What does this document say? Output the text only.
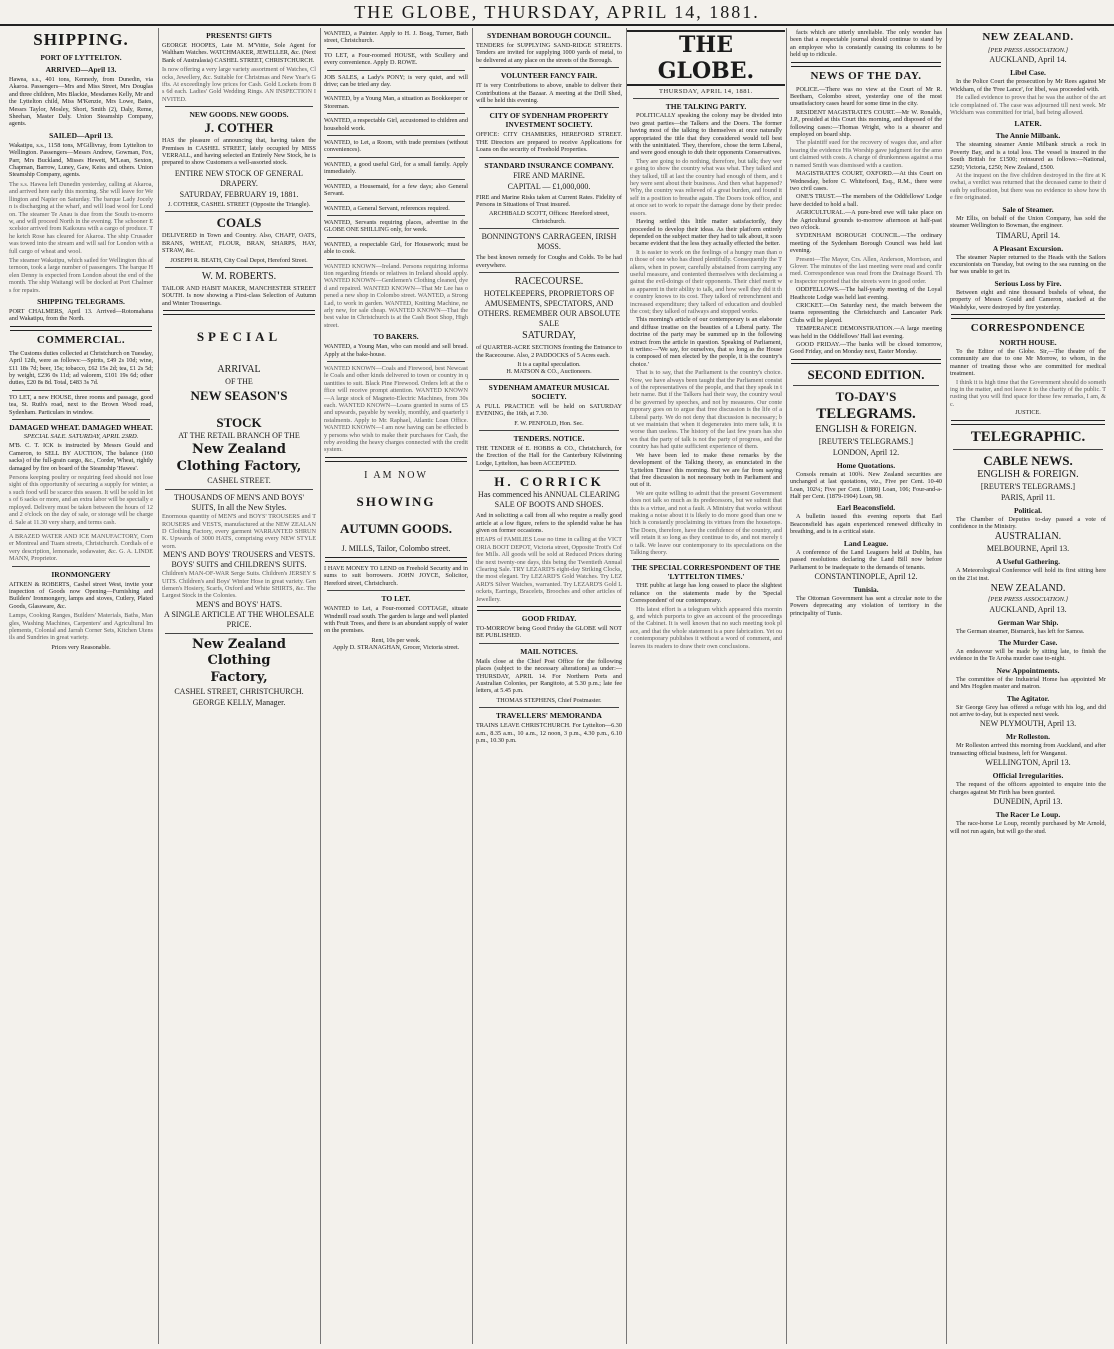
THE GLOBE, THURSDAY, APRIL 14, 1881.
SHIPPING.
PORT OF LYTTELTON.
ARRIVED—April 13.
Hawea, s.s., 401 tons, Kennedy, from Dunedin, via Akaroa. Passengers—Mrs and Miss Street, Mrs Douglas and three children, Mrs Blackie, Mesdames Kelly, Mr and the Lyttelton child, Miss M'Kenzie, Mrs Lowe, Bates, Messrs Taylor, Mosley, Short, Smith (2), Daly, Reme, Sheehan, Master Daly. Union Steamship Company, agents.
SAILED—April 13.
Wakatipu, s.s., 1158 tons, M'Gillivray, from Lyttelton to Wellington. Passengers—Messrs Andrew, Gowman, Fox, Parr, Mrs Buckland, Misses Hewett, M'Lean, Sexton, Chapman, Barrow, Luney, Gaw, Keiss and others. Union Steamship Company, agents.
The s.s. Hawea left Dunedin yesterday, calling at Akaroa, and arrived here early this morning. She will leave for Wellington and Napier on Saturday. The barque Lady Jocelyn is discharging at the wharf, and will load wool for London. The steamer Te Anau is due from the South to-morrow, and will proceed North in the evening. The schooner Excelsior arrived from Kaikoura with a cargo of produce. The ketch Rose has cleared for Akaroa. The ship Crusader was towed into the stream and will sail for London with a full cargo of wheat and wool.
The steamer Wakatipu, which sailed for Wellington this afternoon, took a large number of passengers. The barque Helen Denny is expected from London about the end of the month. The ship Waitangi will be docked at Port Chalmers for repairs.
SHIPPING TELEGRAMS.
PORT CHALMERS, April 13. Arrived—Rotomahana and Wakatipu, from the North.
COMMERCIAL.
The Customs duties collected at Christchurch on Tuesday, April 12th, were as follows:—Spirits, £49 2s 10d; wine, £11 18s 7d; beer, 15s; tobacco, £62 15s 2d; tea, £1 2s 5d; by weight, £236 0s 11d; ad valorem, £101 19s 6d; other duties, £20 8s 8d. Total, £483 3s 7d.
TO LET, a new HOUSE, three rooms and passage, good tea, St. Ruth's road, next to the Brown Wood road, Sydenham. Particulars in window.
DAMAGED WHEAT. DAMAGED WHEAT.
SPECIAL SALE. SATURDAY, APRIL 23RD.
M'B. C. T. ICK is instructed by Messrs Gould and Cameron, to SELL BY AUCTION, The balance (160 sacks) of the full-grain cargo, &c., Corder, Wheat, rightly damaged by fire on board of the Steamship 'Hawea'.
Persons keeping poultry or requiring feed should not lose sight of this opportunity of securing a supply for winter, as such food will be scarce this season. It will be sold in lots of 6 sacks or more, and an extra labor will be specially employed. Delivery must be taken between the hours of 12 and 2 o'clock on the day of sale, or storage will be charged. Sale at 11.30 very sharp, and terms cash.
A BRAZED WATER AND ICE MANUFACTORY, Corner Montreal and Tuam streets, Christchurch. Cordials of every description, lemonade, sodawater, &c. G. A. LINDEMANN, Proprietor.
IRONMONGERY
AITKEN & ROBERTS, Cashel street West, invite your inspection of Goods now Opening—Furnishing and Builders' Ironmongery, lamps and stoves, Cutlery, Plated Goods, Glassware, &c.
Lamps, Cooking Ranges, Builders' Materials, Baths, Mangles, Washing Machines, Carpenters' and Agricultural Implements, Colonial and Jarrah Corner Sets, Kitchen Utensils and Sundries in great variety.
Prices very Reasonable.
PRESENTS! GIFTS
GEORGE HOOPES, Late M. M'Vittie, Sole Agent for Waltham Watches. WATCHMAKER, JEWELLER, &c. (Next Bank of Australasia) CASHEL STREET, CHRISTCHURCH.
Is now offering a very large variety assortment of Watches, Clocks, Jewellery, &c. Suitable for Christmas and New Year's Gifts. At exceedingly low prices for Cash. Gold Lockets from 8s 6d each. Ladies' Gold Wedding Rings. AN INSPECTION INVITED.
NEW GOODS. NEW GOODS.
J. COTHER
HAS the pleasure of announcing that, having taken the Premises in CASHEL STREET, lately occupied by MISS VERRALL, and having selected an Entirely New Stock, he is prepared to show Customers a well-assorted stock.
ENTIRE NEW STOCK OF GENERAL DRAPERY.
SATURDAY, FEBRUARY 19, 1881.
J. COTHER, CASHEL STREET (Opposite the Triangle).
COALS
DELIVERED in Town and Country. Also, CHAFF, OATS, BRANS, WHEAT, FLOUR, BRAN, SHARPS, HAY, STRAW, &c.
JOSEPH R. BEATH, City Coal Depot, Hereford Street.
W. M. ROBERTS.
TAILOR AND HABIT MAKER, MANCHESTER STREET SOUTH. Is now showing a First-class Selection of Autumn and Winter Trouserings.
SPECIAL
ARRIVAL
OF THE
NEW SEASON'S
STOCK
AT THE RETAIL BRANCH OF THE
New Zealand
Clothing Factory,
CASHEL STREET.
THOUSANDS OF MEN'S AND BOYS' SUITS, In all the New Styles.
Enormous quantity of MEN'S and BOYS' TROUSERS and TROUSERS and VESTS, manufactured at the NEW ZEALAND Clothing Factory, every garment WARRANTED SHRUNK. Upwards of 3000 HATS, comprising every NEW STYLE worn.
MEN'S AND BOYS' TROUSERS and VESTS.
BOYS' SUITS and CHILDREN'S SUITS.
Children's MAN-OF-WAR Serge Suits. Children's JERSEY SUITS. Children's and Boys' Winter Hose in great variety. Gentlemen's Hosiery, Scarfs, Oxford and White SHIRTS, &c. The Largest Stock in the Colonies.
MEN'S and BOYS' HATS.
A SINGLE ARTICLE AT THE WHOLESALE PRICE.
New Zealand Clothing
Factory,
CASHEL STREET, CHRISTCHURCH.
GEORGE KELLY, Manager.
WANTED, a Painter. Apply to H. J. Boag, Turner, Bath street, Christchurch.
TO LET, a Four-roomed HOUSE, with Scullery and every convenience. Apply D. ROWE.
JOB SALES, a Lady's PONY; is very quiet, and will drive; can be tried any day.
WANTED, by a Young Man, a situation as Bookkeeper or Storeman.
WANTED, a respectable Girl, accustomed to children and household work.
WANTED, to Let, a Room, with trade premises (without conveniences).
WANTED, a good useful Girl, for a small family. Apply immediately.
WANTED, a Housemaid, for a few days; also General Servant.
WANTED, a General Servant, references required.
WANTED, Servants requiring places, advertise in the GLOBE ONE SHILLING only, for week.
WANTED, a respectable Girl, for Housework; must be able to cook.
WANTED KNOWN—Ireland. Persons requiring information regarding friends or relatives in Ireland should apply. WANTED KNOWN—Gentlemen's Clothing cleaned, dyed and repaired. WANTED KNOWN—That Mr Lee has opened a new shop in Colombo street. WANTED, a Strong Lad, to work in garden. WANTED, Knitting Machine, nearly new, for sale cheap. WANTED KNOWN—That the best value in Christchurch is at the Cash Boot Shop, High street.
TO BAKERS.
WANTED, a Young Man, who can mould and sell bread. Apply at the bake-house.
WANTED KNOWN—Coals and Firewood, best Newcastle Coals and other kinds delivered to town or country in quantities to suit. Black Pine Firewood. Orders left at the office will receive prompt attention. WANTED KNOWN—A large stock of Magneto-Electric Machines, from 30s each. WANTED KNOWN—Loans granted in sums of £5 and upwards, payable by weekly, monthly, and quarterly instalments. Apply to Mr. Raphael, Atlantic Loan Office. WANTED KNOWN—I am now having can be effected by persons who wish to make their purchases for Cash, thereby avoiding the heavy charges connected with the credit system.
I AM NOW
SHOWING
AUTUMN GOODS.
J. MILLS, Tailor, Colombo street.
I HAVE MONEY TO LEND on Freehold Security and in sums to suit borrowers. JOHN JOYCE, Solicitor, Hereford street, Christchurch.
TO LET.
WANTED to Let, a Four-roomed COTTAGE, situate Windmill road south. The garden is large and well planted with Fruit Trees, and there is an abundant supply of water on the premises.
Rent, 10s per week.
Apply D. STRANAGHAN, Grocer, Victoria street.
SYDENHAM BOROUGH COUNCIL.
TENDERS for SUPPLYING SAND-RIDGE STREETS. Tenders are invited for supplying 1000 yards of metal, to be delivered at any place on the streets of the Borough.
VOLUNTEER FANCY FAIR.
IT is very Contributions to above, unable to deliver their Contributions at the Bazaar. A meeting at the Drill Shed, will be held this evening.
CITY OF SYDENHAM PROPERTY INVESTMENT SOCIETY.
OFFICE: CITY CHAMBERS, HEREFORD STREET. THE Directors are prepared to receive Applications for Loans on the security of Freehold Properties.
STANDARD INSURANCE COMPANY.
FIRE AND MARINE.
CAPITAL — £1,000,000.
FIRE and Marine Risks taken at Current Rates. Fidelity of Persons in Situations of Trust insured.
ARCHIBALD SCOTT, Offices: Hereford street, Christchurch.
BONNINGTON'S CARRAGEEN, IRISH MOSS.
The best known remedy for Coughs and Colds. To be had everywhere.
RACECOURSE.
HOTELKEEPERS, PROPRIETORS OF AMUSEMENTS, SPECTATORS, AND OTHERS. REMEMBER OUR ABSOLUTE SALE
SATURDAY,
of QUARTER-ACRE SECTIONS fronting the Entrance to the Racecourse. Also, 2 PADDOCKS of 5 Acres each.
It is a capital speculation.
H. MATSON & CO., Auctioneers.
SYDENHAM AMATEUR MUSICAL SOCIETY.
A FULL PRACTICE will be held on SATURDAY EVENING, the 16th, at 7.30.
F. W. PENFOLD, Hon. Sec.
TENDERS. NOTICE.
THE TENDER of E. HOBBS & CO., Christchurch, for the Erection of the Hall for the Canterbury Kilwinning Lodge, Lyttelton, has been ACCEPTED.
H. CORRICK
Has commenced his ANNUAL CLEARING SALE OF BOOTS AND SHOES.
And in soliciting a call from all who require a really good article at a low figure, refers to the splendid value he has given on former occasions.
HEAPS of FAMILIES Lose no time in calling at the VICTORIA BOOT DEPOT, Victoria street, Opposite Trott's Coffee Mills. All goods will be sold at Reduced Prices during the next twenty-one days, this being the Twentieth Annual Clearing Sale. TRY LEZARD'S eight-day Striking Clocks, the most elegant. Try LEZARD'S Gold Watches. Try LEZARD'S Silver Watches, warranted. Try LEZARD'S Gold Lockets, Earrings, Bracelets, Brooches and other articles of Jewellery.
GOOD FRIDAY.
TO-MORROW being Good Friday the GLOBE will NOT BE PUBLISHED.
MAIL NOTICES.
Mails close at the Chief Post Office for the following places (subject to the necessary alterations) as under:— THURSDAY, APRIL 14. For Northern Ports and Australian Colonies, per Rangitoto, at 5.30 p.m.; late fee letters, at 5.45 p.m.
THOMAS STEPHENS, Chief Postmaster.
TRAVELLERS' MEMORANDA
TRAINS LEAVE CHRISTCHURCH. For Lyttelton—6.30 a.m., 8.35 a.m., 10 a.m., 12 noon, 3 p.m., 4.30 p.m., 6.10 p.m., 10.30 p.m.
THE GLOBE.
THURSDAY, APRIL 14, 1881.
THE TALKING PARTY.
POLITICALLY speaking the colony may be divided into two great parties—the Talkers and the Doers. The former having most of the talking to themselves at once naturally appropriated the title that they considered would tell best with the uninitiated. They, therefore, chose the term Liberal, and were good enough to dub their opponents Conservatives.
They are going to do nothing, therefore, but talk; they were going to show the country what was what. They talked and they talked, till at last the country had enough of them, and they were sent about their business. And then what happened? Why, the country was relieved of a great burden, and found itself in a position to breathe again. The Doers took office, and at once set to work to repair the damage done by their predecessors.
Having settled this little matter satisfactorily, they proceeded to develop their ideas. As their platform entirely depended on the subject matter they had to talk about, it soon became evident that the less they actually effected the better.
It is easier to work on the feelings of a hungry man than on those of one who has dined plentifully. Consequently the Talkers, when in power, carefully abstained from carrying any useful measure, and contented themselves with declaiming against the evil-doings of their opponents. Their chief merit was apparent in their ability to talk, and how well they did it the country knows to its cost. They talked of retrenchment and increased expenditure; they talked of education and doubled the cost; they talked of railways and stopped works.
This morning's article of our contemporary is an elaborate and diffuse treatise on the beauties of a Liberal party. The doctrine of the party may be summed up in the following extract from the article in question. Speaking of Parliament, it writes:—'We say, for ourselves, that so long as the House is composed of men elected by the people, it is the country's choice.'
That is to say, that the Parliament is the country's choice. Now, we have always been taught that the Parliament consists of the representatives of the people, and that they speak in their name. But if the Talkers had their way, the country would be governed by speeches, and not by measures. Our contemporary goes on to argue that free discussion is the life of a Liberal party. We do not deny that discussion is necessary; but we maintain that when it degenerates into mere talk, it is worse than useless. The history of the last few years has shown that the party of talk is not the party of progress, and the country has had quite sufficient experience of them.
We have been led to make these remarks by the development of the Talking theory, as enunciated in the 'Lyttelton Times' this morning. But we are far from saying that free discussion is not necessary both in Parliament and out of it.
We are quite willing to admit that the present Government does not talk so much as its predecessors, but we submit that this is a virtue, and not a fault. A Ministry that works without making a noise about it is likely to do more good than one which is constantly proclaiming its virtues from the housetops. The Doers, therefore, have the confidence of the country, and will retain it so long as they continue to do, and not merely to talk. We leave our contemporary to its speculations on the Talking theory.
THE SPECIAL CORRESPONDENT OF THE 'LYTTELTON TIMES.'
THE public at large has long ceased to place the slightest reliance on the statements made by the 'Special Correspondent' of our contemporary.
His latest effort is a telegram which appeared this morning, and which purports to give an account of the proceedings of the Cabinet. It is well known that no such meeting took place, and that the whole statement is a pure fabrication. Yet our contemporary publishes it without a word of comment, and leaves its readers to draw their own conclusions.
facts which are utterly unreliable. The only wonder has been that a respectable journal should continue to stand by an employee who is constantly causing its columns to be held up to ridicule.
NEWS OF THE DAY.
POLICE.—There was no view at the Court of Mr R. Beetham, Colombo street, yesterday one of the most unsatisfactory cases heard for some time in the city.
RESIDENT MAGISTRATE'S COURT.—Mr W. Ronalds, J.P., presided at this Court this morning, and disposed of the following cases:—Thomas Wright, who is a shearer and employed on board ship.
The plaintiff sued for the recovery of wages due, and after hearing the evidence His Worship gave judgment for the amount claimed with costs. A charge of drunkenness against a man named Smith was dismissed with a caution.
MAGISTRATE'S COURT, OXFORD.—At this Court on Wednesday, before C. Whitefoord, Esq., R.M., there were two civil cases.
ONE'S TRUST.—The members of the Oddfellows' Lodge have decided to hold a ball.
AGRICULTURAL.—A pure-bred ewe will take place on the Agricultural grounds to-morrow afternoon at half-past two o'clock.
SYDENHAM BOROUGH COUNCIL.—The ordinary meeting of the Sydenham Borough Council was held last evening.
Present—The Mayor, Crs. Allen, Anderson, Morrison, and Glover. The minutes of the last meeting were read and confirmed. Correspondence was read from the Drainage Board. The Inspector reported that the streets were in good order.
ODDFELLOWS.—The half-yearly meeting of the Loyal Heathcote Lodge was held last evening.
CRICKET.—On Saturday next, the match between the teams representing the Christchurch and Lancaster Park Clubs will be played.
TEMPERANCE DEMONSTRATION.—A large meeting was held in the Oddfellows' Hall last evening.
GOOD FRIDAY.—The banks will be closed tomorrow, Good Friday, and on Monday next, Easter Monday.
SECOND EDITION.
TO-DAY'S
TELEGRAMS.
ENGLISH & FOREIGN.
[REUTER'S TELEGRAMS.]
LONDON, April 12.
Home Quotations.
Consols remain at 100¾. New Zealand securities are unchanged at last quotations, viz., Five per Cent. 10-40 Loan, 102¼; Five per Cent. (1880) Loan, 106; Four-and-a-Half per Cent. (1879-1904) Loan, 98.
Earl Beaconsfield.
A bulletin issued this evening reports that Earl Beaconsfield has again experienced renewed difficulty in breathing, and is in a critical state.
Land League.
A conference of the Land Leaguers held at Dublin, has passed resolutions declaring the Land Bill now before Parliament to be inadequate to the demands of tenants.
CONSTANTINOPLE, April 12.
Tunisia.
The Ottoman Government has sent a circular note to the Powers deprecating any violation of territory in the principality of Tunis.
NEW ZEALAND.
[PER PRESS ASSOCIATION.]
AUCKLAND, April 14.
Libel Case.
In the Police Court the prosecution by Mr Rees against Mr Wickham, of the 'Free Lance', for libel, was proceeded with.
He called evidence to prove that he was the author of the article complained of. The case was adjourned till next week. Mr Wickham was committed for trial, bail being allowed.
LATER.
The Annie Milbank.
The steaming steamer Annie Milbank struck a rock in Poverty Bay, and is a total loss. The vessel is insured in the South British for £1500; reinsured as follows:—National, £250; Victoria, £250; New Zealand, £500.
At the inquest on the five children destroyed in the fire at Kowhai, a verdict was returned that the deceased came to their death by suffocation, but there was no evidence to show how the fire originated.
Sale of Steamer.
Mr Ellis, on behalf of the Union Company, has sold the steamer Wellington to Bowman, the engineer.
TIMARU, April 14.
A Pleasant Excursion.
The steamer Napier returned to the Heads with the Sailors excursionists on Tuesday, but owing to the sea running on the bar was unable to get in.
Serious Loss by Fire.
Between eight and nine thousand bushels of wheat, the property of Messrs Gould and Cameron, stacked at the Washdyke, were destroyed by fire yesterday.
CORRESPONDENCE
NORTH HOUSE.
To the Editor of the Globe. Sir,—The theatre of the community are due to one Mr Morrow, to whom, in the manner of treating those who are committed for medical treatment.
I think it is high time that the Government should do something in the matter, and not leave it to the charity of the public. Trusting that you will find space for these few remarks, I am, &c.
JUSTICE.
TELEGRAPHIC.
CABLE NEWS.
ENGLISH & FOREIGN.
[REUTER'S TELEGRAMS.]
PARIS, April 11.
Political.
The Chamber of Deputies to-day passed a vote of confidence in the Ministry.
AUSTRALIAN.
MELBOURNE, April 13.
A Useful Gathering.
A Meteorological Conference will hold its first sitting here on the 21st inst.
NEW ZEALAND.
[PER PRESS ASSOCIATION.]
AUCKLAND, April 13.
German War Ship.
The German steamer, Bismarck, has left for Samoa.
The Murder Case.
An endeavour will be made by sitting late, to finish the evidence in the Te Aroha murder case to-night.
New Appointments.
The committee of the Industrial Home has appointed Mr and Mrs Hogden master and matron.
The Agitator.
Sir George Grey has offered a refuge with his log, and did not arrive to-day, but is expected next week.
NEW PLYMOUTH, April 13.
Mr Rolleston.
Mr Rolleston arrived this morning from Auckland, and after transacting official business, left for Wanganui.
WELLINGTON, April 13.
Official Irregularities.
The request of the officers appointed to enquire into the charges against Mr Firth has been granted.
DUNEDIN, April 13.
The Racer Le Loup.
The race-horse Le Loup, recently purchased by Mr Arnold, will not run again, but will go the stud.
